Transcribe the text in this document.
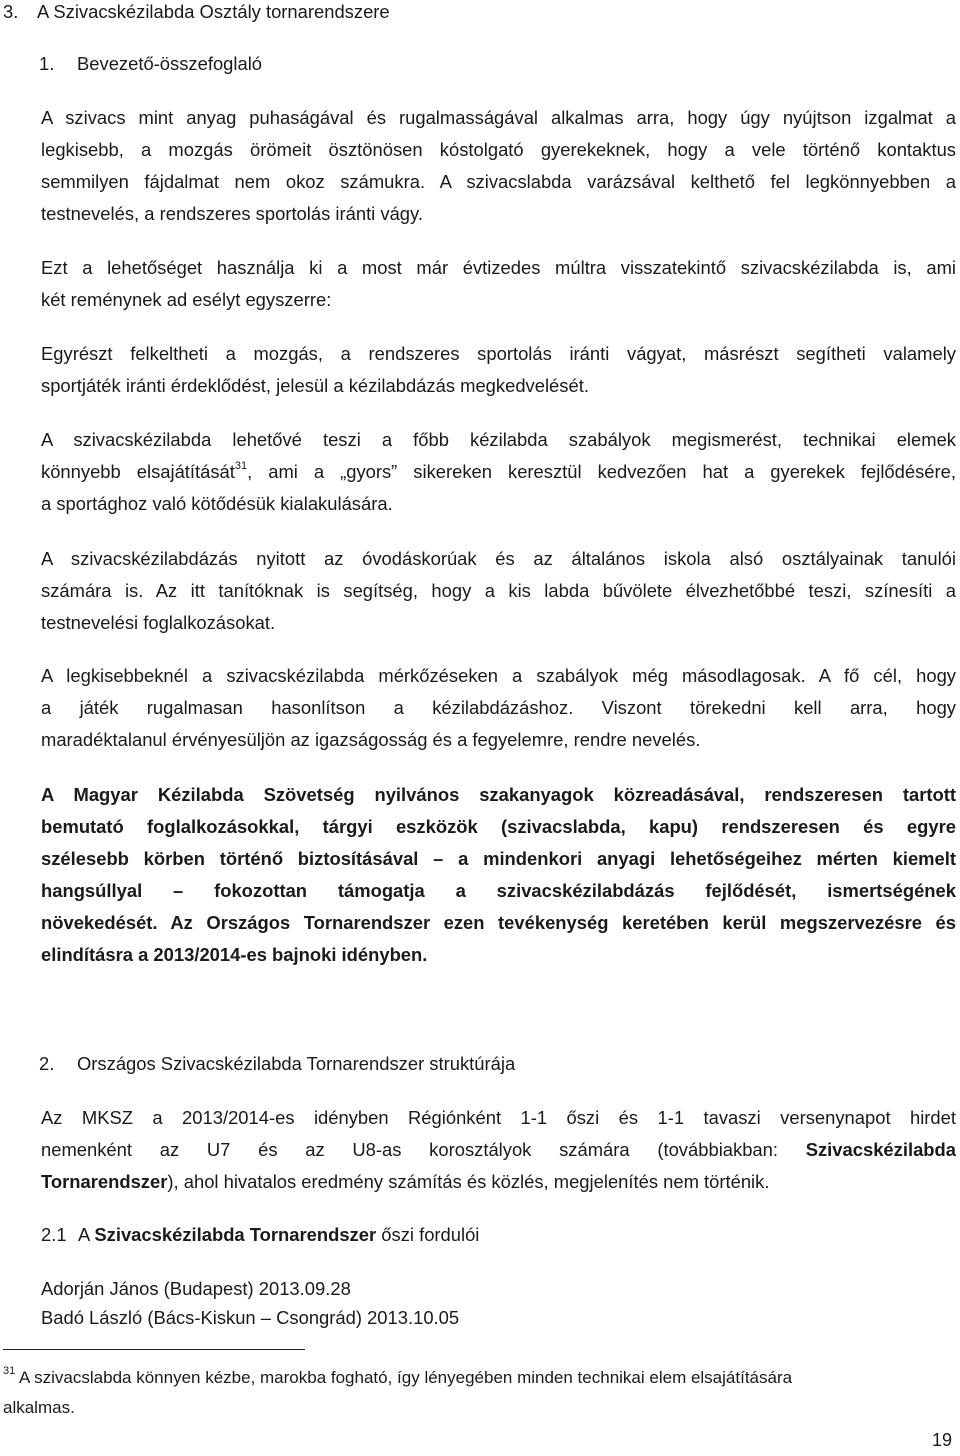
3. A Szivacskézilabda Osztály tornarendszere
1. Bevezető-összefoglaló
A szivacs mint anyag puhaságával és rugalmasságával alkalmas arra, hogy úgy nyújtson izgalmat a
legkisebb, a mozgás örömeit ösztönösen kóstolgató gyerekeknek, hogy a vele történő kontaktus
semmilyen fájdalmat nem okoz számukra. A szivacslabda varázsával kelthető fel legkönnyebben a
testnevelés, a rendszeres sportolás iránti vágy.
Ezt a lehetőséget használja ki a most már évtizedes múltra visszatekintő szivacskézilabda is, ami
két reménynek ad esélyt egyszerre:
Egyrészt felkeltheti a mozgás, a rendszeres sportolás iránti vágyat, másrészt segítheti valamely
sportjáték iránti érdeklődést, jelesül a kézilabdázás megkedvelését.
A szivacskézilabda lehetővé teszi a főbb kézilabda szabályok megismerést, technikai elemek
könnyebb elsajátítását$^{31}$, ami a „gyors” sikereken keresztül kedvezően hat a gyerekek fejlődésére,
a sportághoz való kötődésük kialakulására.
A szivacskézilabdázás nyitott az óvodáskorúak és az általános iskola alsó osztályainak tanulói
számára is. Az itt tanítóknak is segítség, hogy a kis labda bűvölete élvezhetőbbé teszi, színesíti a
testnevelési foglalkozásokat.
A legkisebbeknél a szivacskézilabda mérkőzéseken a szabályok még másodlagosak. A fő cél, hogy
a játék rugalmasan hasonlítson a kézilabdázáshoz. Viszont törekedni kell arra, hogy
maradéktalanul érvényesüljön az igazságosság és a fegyelemre, rendre nevelés.
A Magyar Kézilabda Szövetség nyilvános szakanyagok közreadásával, rendszeresen tartott
bemutató foglalkozásokkal, tárgyi eszközök (szivacslabda, kapu) rendszeresen és egyre
szélesebb körben történő biztosításával – a mindenkori anyagi lehetőségeihez mérten kiemelt
hangsúllyal – fokozottan támogatja a szivacskézilabdázás fejlődését, ismertségének
növekedését. Az Országos Tornarendszer ezen tevékenység keretében kerül megszervezésre és
elindításra a 2013/2014-es bajnoki idényben.
2. Országos Szivacskézilabda Tornarendszer struktúrája
Az MKSZ a 2013/2014-es idényben Régiónként 1-1 őszi és 1-1 tavaszi versenynapot hirdet
nemenként az U7 és az U8-as korosztályok számára (továbbiakban: Szivacskézilabda
Tornarendszer), ahol hivatalos eredmény számítás és közlés, megjelenítés nem történik.
2.1 A Szivacskézilabda Tornarendszer őszi fordulói
Adorján János (Budapest) 2013.09.28
Badó László (Bács-Kiskun – Csongrád) 2013.10.05
$^{31}$ A szivacslabda könnyen kézbe, marokba fogható, így lényegében minden technikai elem elsajátítására
alkalmas.
19
